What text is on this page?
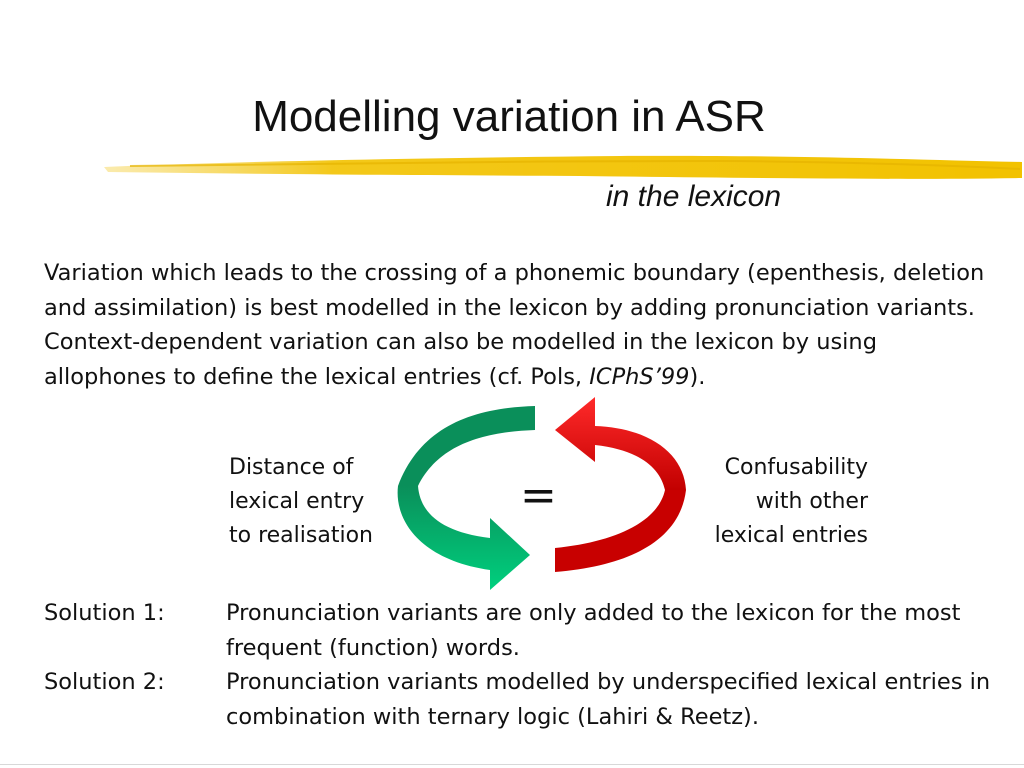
Modelling variation in ASR
in the lexicon
Variation which leads to the crossing of a phonemic boundary (epenthesis, deletion and assimilation) is best modelled in the lexicon by adding pronunciation variants. Context-dependent variation can also be modelled in the lexicon by using allophones to define the lexical entries (cf. Pols, ICPhS’99).
Distance of
lexical entry
to realisation
=
Confusability
with other
lexical entries
Solution 1:	Pronunciation variants are only added to the lexicon for the most frequent (function) words.
Solution 2:	Pronunciation variants modelled by underspecified lexical entries in combination with ternary logic (Lahiri & Reetz).
